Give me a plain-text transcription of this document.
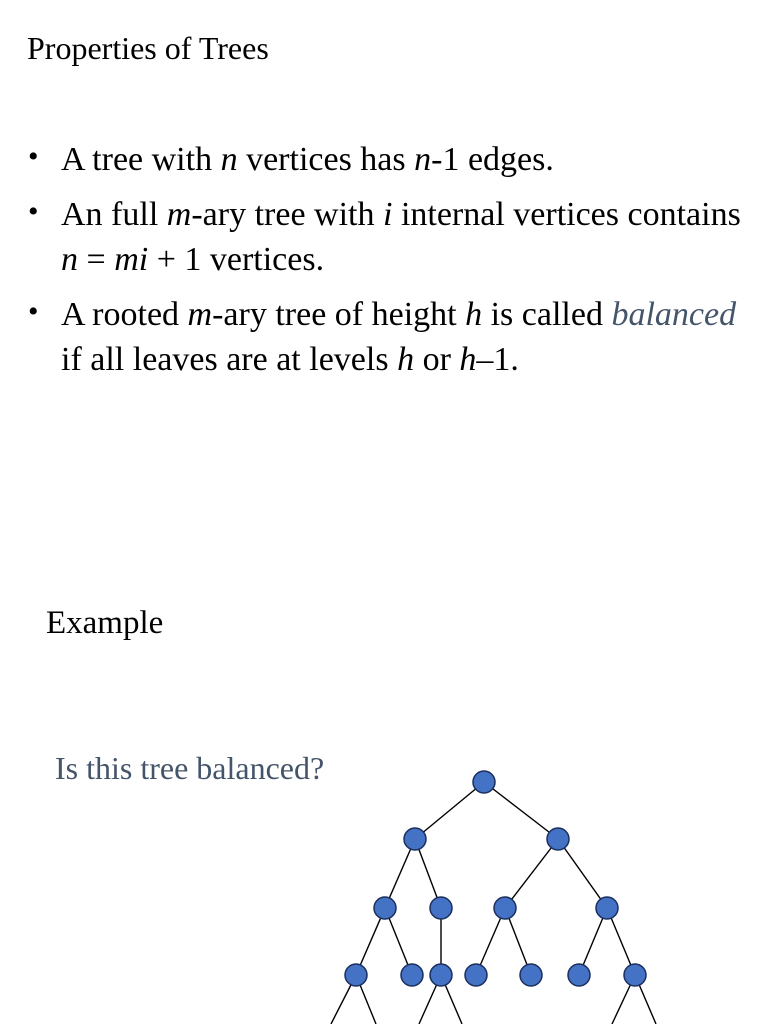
Properties of Trees
• A tree with n vertices has n-1 edges.
• An full m-ary tree with i internal vertices contains n = mi + 1 vertices.
• A rooted m-ary tree of height h is called balanced if all leaves are at levels h or h–1.
Example
Is this tree balanced?
